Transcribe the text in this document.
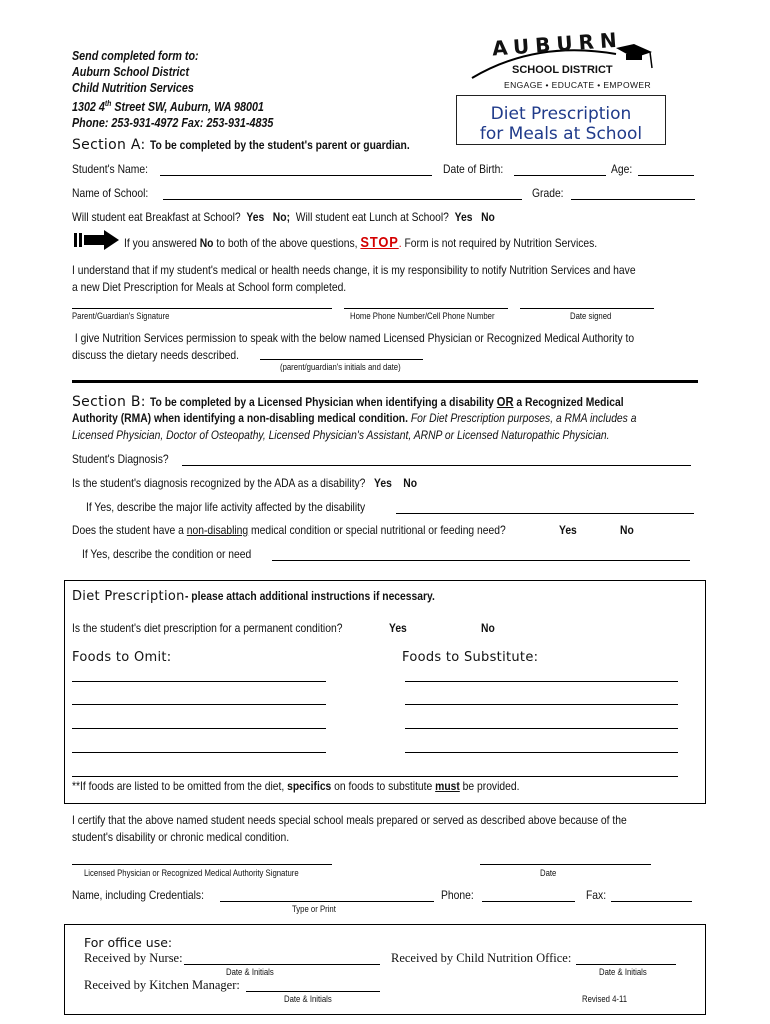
Send completed form to:
Auburn School District
Child Nutrition Services
1302 4th Street SW, Auburn, WA 98001
Phone: 253-931-4972 Fax: 253-931-4835
AUBURN
SCHOOL DISTRICT
ENGAGE • EDUCATE • EMPOWER
Diet Prescription
for Meals at School
Section A: To be completed by the student's parent or guardian.
Student's Name:	Date of Birth:	Age:
Name of School:	Grade:
Will student eat Breakfast at School? Yes No; Will student eat Lunch at School? Yes No
If you answered No to both of the above questions, STOP. Form is not required by Nutrition Services.
I understand that if my student's medical or health needs change, it is my responsibility to notify Nutrition Services and have
a new Diet Prescription for Meals at School form completed.
Parent/Guardian's Signature	Home Phone Number/Cell Phone Number	Date signed
I give Nutrition Services permission to speak with the below named Licensed Physician or Recognized Medical Authority to
discuss the dietary needs described.
(parent/guardian's initials and date)
Section B: To be completed by a Licensed Physician when identifying a disability OR a Recognized Medical
Authority (RMA) when identifying a non-disabling medical condition. For Diet Prescription purposes, a RMA includes a
Licensed Physician, Doctor of Osteopathy, Licensed Physician's Assistant, ARNP or Licensed Naturopathic Physician.
Student's Diagnosis?
Is the student's diagnosis recognized by the ADA as a disability? Yes No
If Yes, describe the major life activity affected by the disability
Does the student have a non-disabling medical condition or special nutritional or feeding need?	Yes	No
If Yes, describe the condition or need
Diet Prescription- please attach additional instructions if necessary.
Is the student's diet prescription for a permanent condition?	Yes	No
Foods to Omit:	Foods to Substitute:
**If foods are listed to be omitted from the diet, specifics on foods to substitute must be provided.
I certify that the above named student needs special school meals prepared or served as described above because of the
student's disability or chronic medical condition.
Licensed Physician or Recognized Medical Authority Signature	Date
Name, including Credentials:
Type or Print
Phone:	Fax:
For office use:
Received by Nurse:
Date & Initials
Received by Child Nutrition Office:
Date & Initials
Received by Kitchen Manager:
Date & Initials	Revised 4-11
